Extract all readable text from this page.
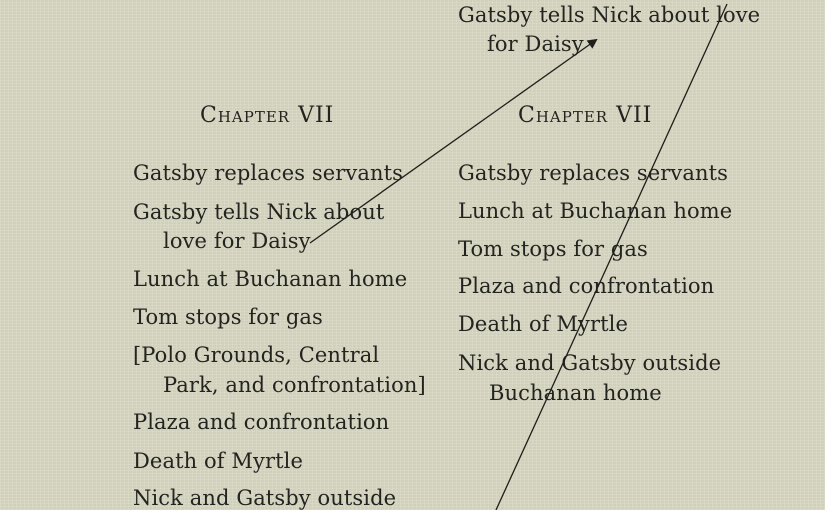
Gatsby tells Nick about love
for Daisy
Chapter VII
Gatsby replaces servants
Gatsby tells Nick about
love for Daisy
Lunch at Buchanan home
Tom stops for gas
[Polo Grounds, Central
Park, and confrontation]
Plaza and confrontation
Death of Myrtle
Nick and Gatsby outside
Chapter VII
Gatsby replaces servants
Lunch at Buchanan home
Tom stops for gas
Plaza and confrontation
Death of Myrtle
Nick and Gatsby outside
Buchanan home
